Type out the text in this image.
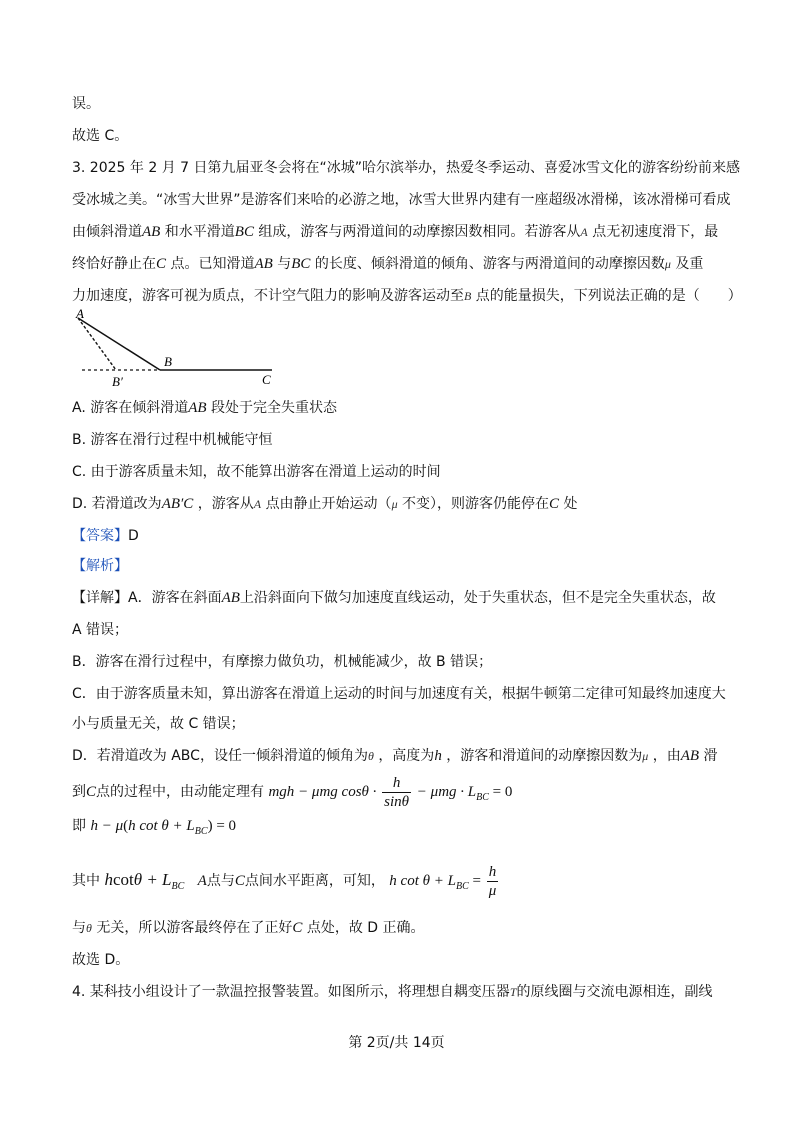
误。
故选 C。
3. 2025 年 2 月 7 日第九届亚冬会将在“冰城”哈尔滨举办，热爱冬季运动、喜爱冰雪文化的游客纷纷前来感
受冰城之美。“冰雪大世界”是游客们来哈的必游之地，冰雪大世界内建有一座超级冰滑梯，该冰滑梯可看成
由倾斜滑道AB 和水平滑道BC 组成，游客与两滑道间的动摩擦因数相同。若游客从A 点无初速度滑下，最
终恰好静止在C 点。已知滑道AB 与BC 的长度、倾斜滑道的倾角、游客与两滑道间的动摩擦因数μ 及重
力加速度，游客可视为质点，不计空气阻力的影响及游客运动至B 点的能量损失，下列说法正确的是（　　）
A
B
B′	C
A. 游客在倾斜滑道AB 段处于完全失重状态
B. 游客在滑行过程中机械能守恒
C. 由于游客质量未知，故不能算出游客在滑道上运动的时间
D. 若滑道改为AB′C ，游客从A 点由静止开始运动（μ 不变），则游客仍能停在C 处
【答案】D
【解析】
【详解】A．游客在斜面AB上沿斜面向下做匀加速度直线运动，处于失重状态，但不是完全失重状态，故
A 错误；
B．游客在滑行过程中，有摩擦力做负功，机械能减少，故 B 错误；
C．由于游客质量未知，算出游客在滑道上运动的时间与加速度有关，根据牛顿第二定律可知最终加速度大
小与质量无关，故 C 错误；
D．若滑道改为 ABC，设任一倾斜滑道的倾角为θ ，高度为h ，游客和滑道间的动摩擦因数为μ ，由AB 滑
到C点的过程中，由动能定理有 mgh − μmg $\cos\theta \cdot \frac{h}{\sin\theta} - \mu mg \cdot L_{BC} = 0$
即 h − μ(h $\cot \theta + L_{BC}) = 0$
其中 $hcot\theta + L_{BC}$ A点与C点间水平距离，可知， h $\cot \theta + L_{BC} = \frac{h}{\mu}$
与θ 无关，所以游客最终停在了正好C 点处，故 D 正确。
故选 D。
4. 某科技小组设计了一款温控报警装置。如图所示，将理想自耦变压器T的原线圈与交流电源相连，副线
第 2页/共 14页
